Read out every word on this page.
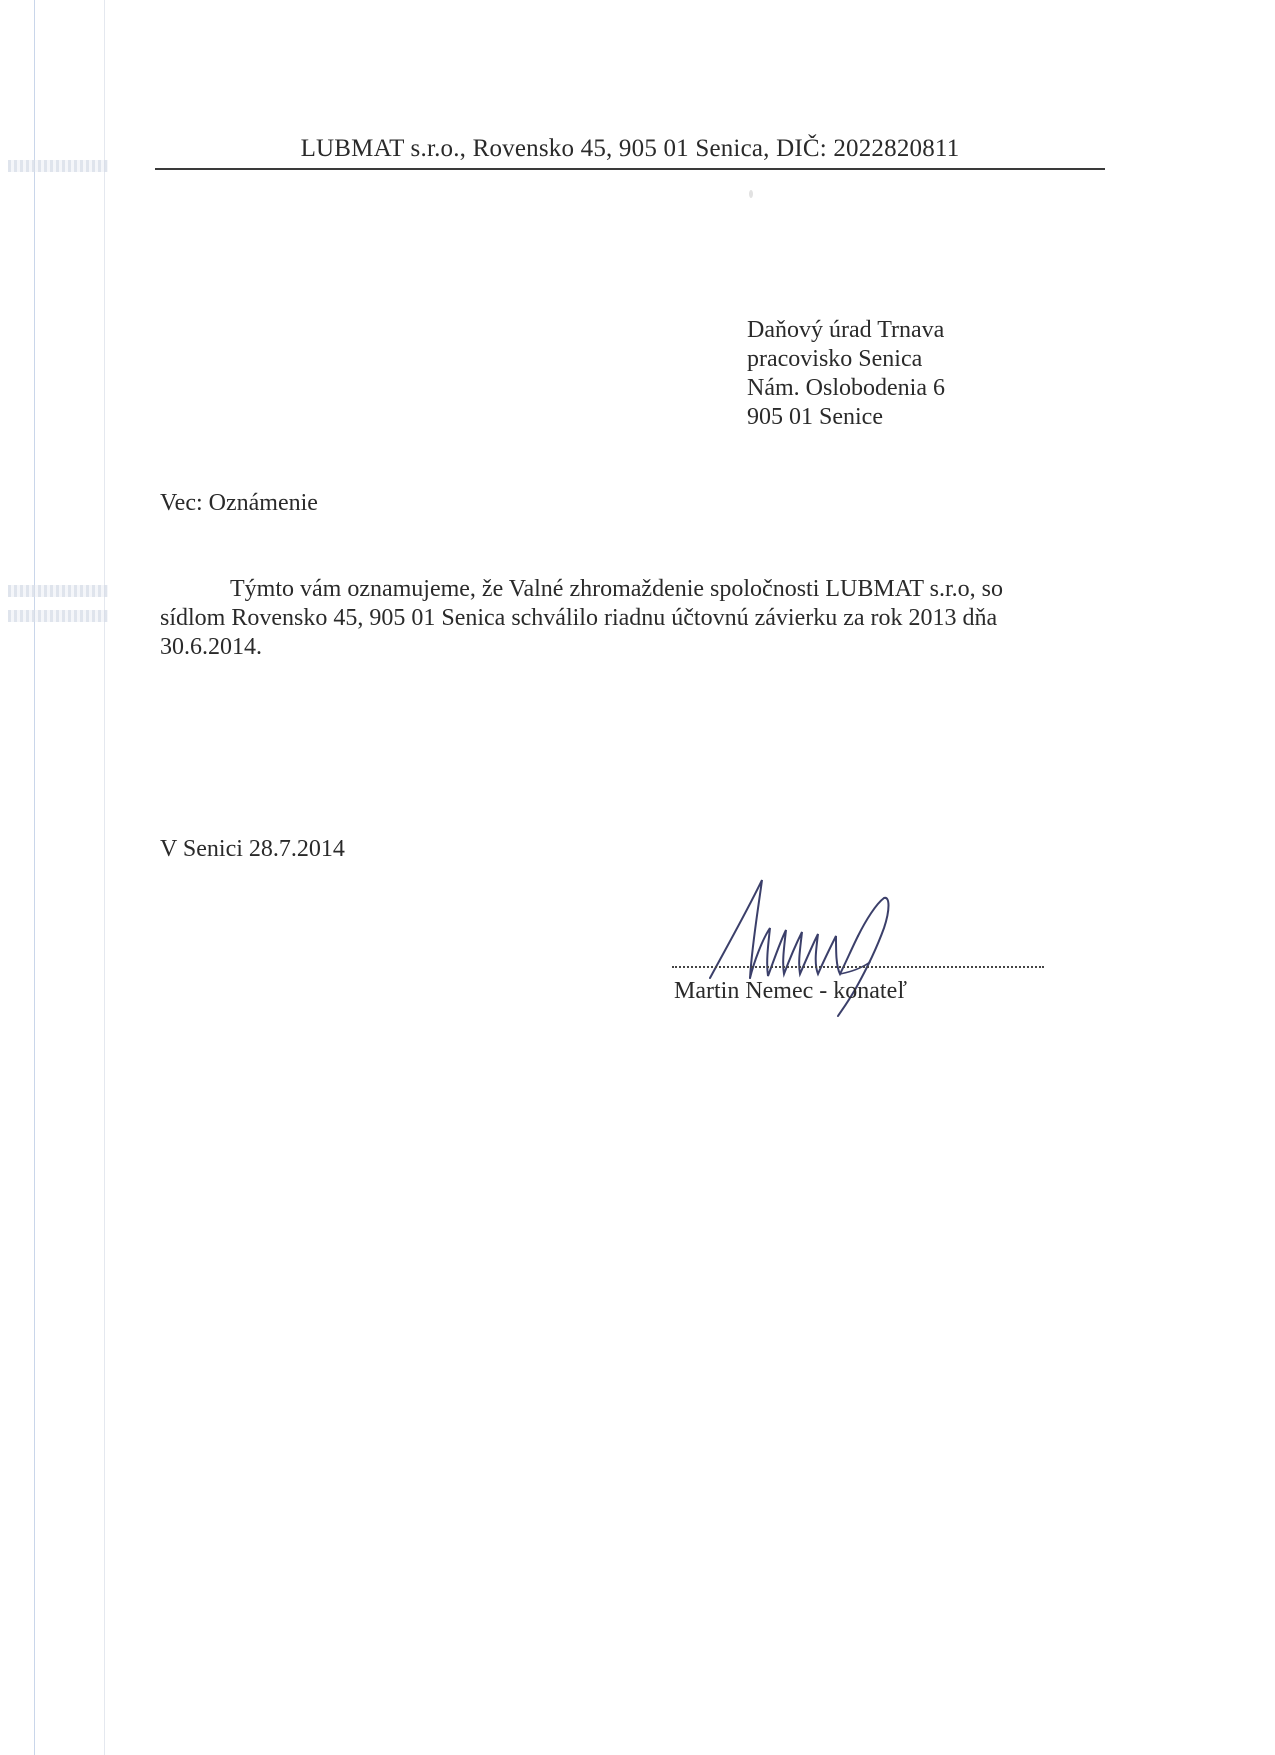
LUBMAT s.r.o., Rovensko 45, 905 01 Senica, DIČ: 2022820811
Daňový úrad Trnava
pracovisko Senica
Nám. Oslobodenia 6
905 01 Senice
Vec: Oznámenie
Týmto vám oznamujeme, že Valné zhromaždenie spoločnosti LUBMAT s.r.o, so
sídlom Rovensko 45, 905 01 Senica schválilo riadnu účtovnú závierku za rok 2013 dňa
30.6.2014.
V Senici 28.7.2014
Martin Nemec - konateľ
